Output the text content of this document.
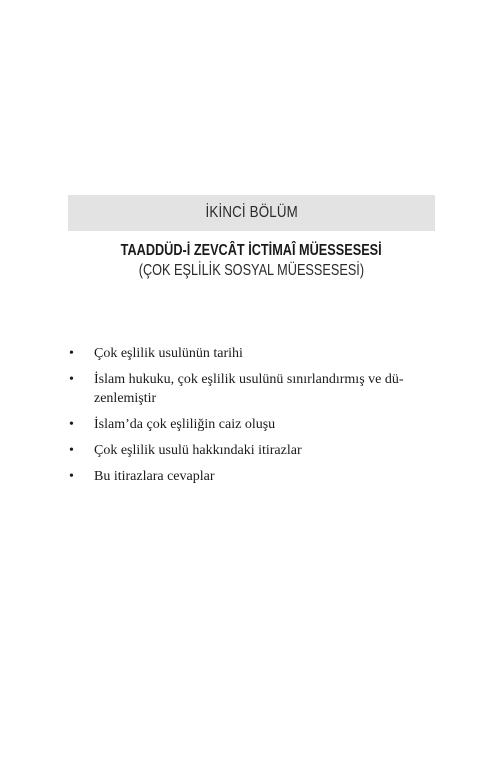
İKİNCİ BÖLÜM
TAADDÜD-İ ZEVCÂT İCTİMAÎ MÜESSESESİ
(ÇOK EŞLİLİK SOSYAL MÜESSESESİ)
• Çok eşlilik usulünün tarihi
• İslam hukuku, çok eşlilik usulünü sınırlandırmış ve dü-
zenlemiştir
• İslam’da çok eşliliğin caiz oluşu
• Çok eşlilik usulü hakkındaki itirazlar
• Bu itirazlara cevaplar
